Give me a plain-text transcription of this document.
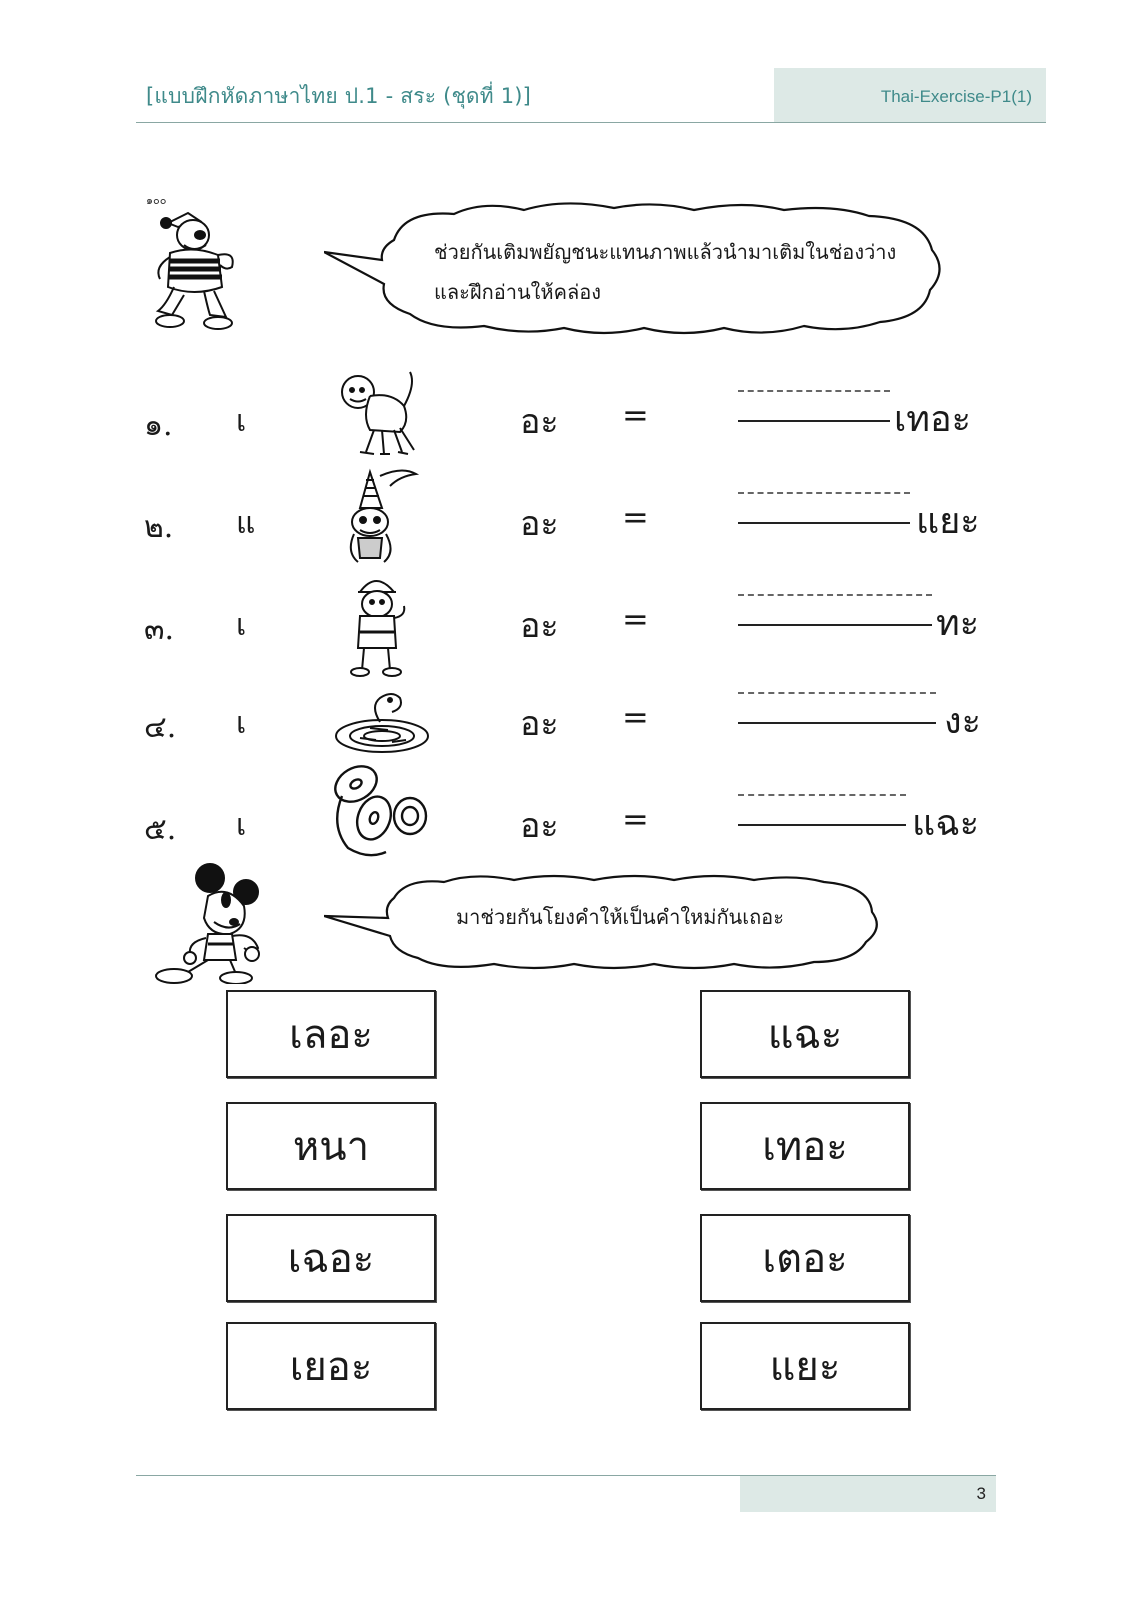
[แบบฝึกหัดภาษาไทย ป.1 - สระ (ชุดที่ 1)]	Thai-Exercise-P1(1)
๑๐๐
ช่วยกันเติมพยัญชนะแทนภาพแล้วนำมาเติมในช่องว่าง
และฝึกอ่านให้คล่อง
๑. เ	อะ =	เทอะ
๒. แ	อะ =	แยะ
๓. เ	อะ =	ทะ
๔. เ	อะ =	งะ
๕. เ	อะ =	แฉะ
มาช่วยกันโยงคำให้เป็นคำใหม่กันเถอะ
เลอะ
หนา
เฉอะ
เยอะ
แฉะ
เทอะ
เตอะ
แยะ
3
